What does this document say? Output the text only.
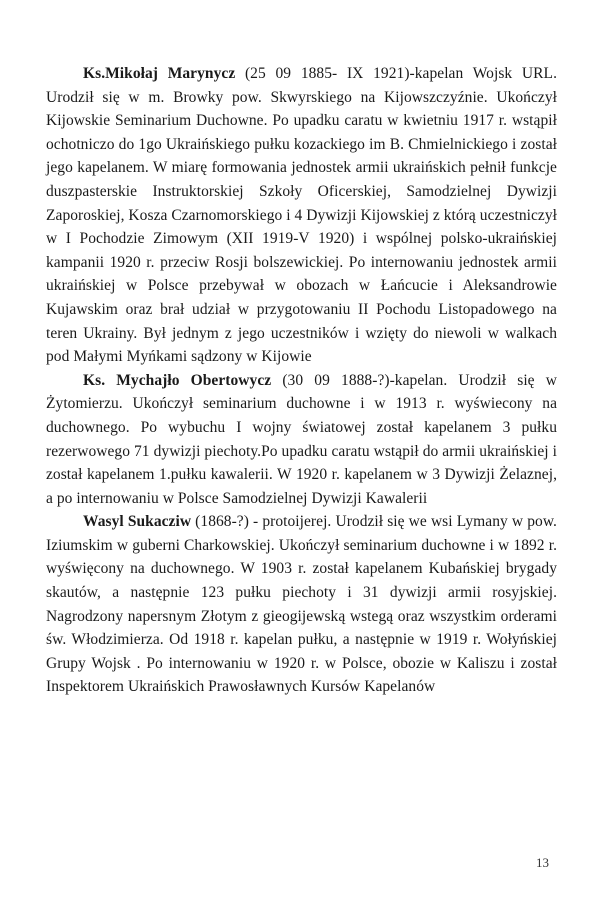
Ks.Mikołaj Marynycz (25 09 1885- IX 1921)-kapelan Wojsk URL. Urodził się w m. Browky pow. Skwyrskiego na Kijowszczyźnie. Ukończył Kijowskie Seminarium Duchowne. Po upadku caratu w kwietniu 1917 r. wstąpił ochotniczo do 1go Ukraińskiego pułku kozackiego im B. Chmielnickiego i został jego kapelanem. W miarę formowania jednostek armii ukraińskich pełnił funkcje duszpasterskie Instruktorskiej Szkoły Oficerskiej, Samodzielnej Dywizji Zaporoskiej, Kosza Czarnomorskiego i 4 Dywizji Kijowskiej z którą uczestniczył w I Pochodzie Zimowym (XII 1919-V 1920) i wspólnej polsko-ukraińskiej kampanii 1920 r. przeciw Rosji bolszewickiej. Po internowaniu jednostek armii ukraińskiej w Polsce przebywał w obozach w Łańcucie i Aleksandrowie Kujawskim oraz brał udział w przygotowaniu II Pochodu Listopadowego na teren Ukrainy. Był jednym z jego uczestników i wzięty do niewoli w walkach pod Małymi Myńkami sądzony w Kijowie

Ks. Mychajło Obertowycz (30 09 1888-?)-kapelan. Urodził się w Żytomierzu. Ukończył seminarium duchowne i w 1913 r. wyświecony na duchownego. Po wybuchu I wojny światowej został kapelanem 3 pułku rezerwowego 71 dywizji piechoty.Po upadku caratu wstąpił do armii ukraińskiej i został kapelanem 1.pułku kawalerii. W 1920 r. kapelanem w 3 Dywizji Żelaznej, a po internowaniu w Polsce Samodzielnej Dywizji Kawalerii

Wasyl Sukacziw (1868-?) - protoijerej. Urodził się we wsi Lymany w pow. Iziumskim w guberni Charkowskiej. Ukończył seminarium duchowne i w 1892 r. wyświęcony na duchownego. W 1903 r. został kapelanem Kubańskiej brygady skautów, a następnie 123 pułku piechoty i 31 dywizji armii rosyjskiej. Nagrodzony napersnym Złotym z gieogijewską wstegą oraz wszystkim orderami św. Włodzimierza. Od 1918 r. kapelan pułku, a następnie w 1919 r. Wołyńskiej Grupy Wojsk . Po internowaniu w 1920 r. w Polsce, obozie w Kaliszu i został Inspektorem Ukraińskich Prawosławnych Kursów Kapelanów

13
